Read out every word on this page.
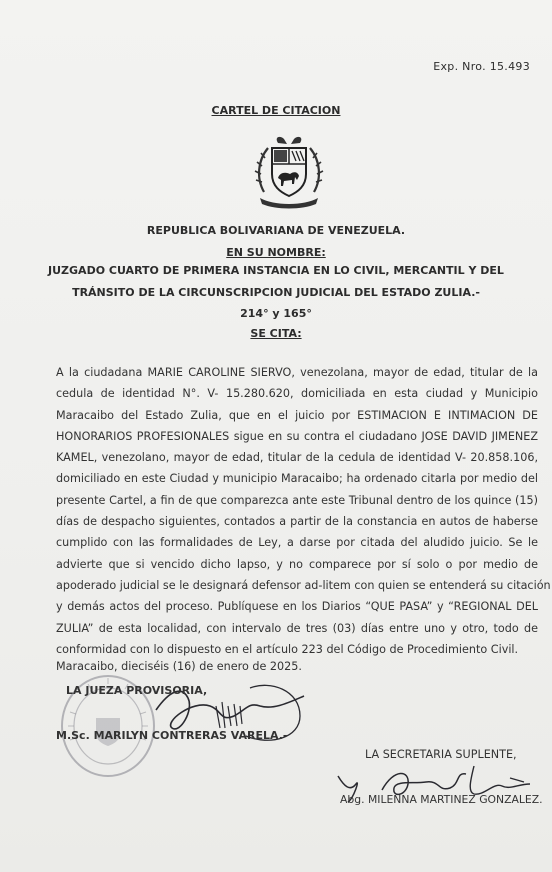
Exp. Nro. 15.493
CARTEL DE CITACION
REPUBLICA BOLIVARIANA DE VENEZUELA.
EN SU NOMBRE:
JUZGADO CUARTO DE PRIMERA INSTANCIA EN LO CIVIL, MERCANTIL Y DEL
TRÁNSITO DE LA CIRCUNSCRIPCION JUDICIAL DEL ESTADO ZULIA.-
214° y 165°
SE CITA:
A la ciudadana MARIE CAROLINE SIERVO, venezolana, mayor de edad, titular de la
cedula de identidad N°. V- 15.280.620, domiciliada en esta ciudad y Municipio
Maracaibo del Estado Zulia, que en el juicio por ESTIMACION E INTIMACION DE
HONORARIOS PROFESIONALES sigue en su contra el ciudadano JOSE DAVID JIMENEZ
KAMEL, venezolano, mayor de edad, titular de la cedula de identidad V- 20.858.106,
domiciliado en este Ciudad y municipio Maracaibo; ha ordenado citarla por medio del
presente Cartel, a fin de que comparezca ante este Tribunal dentro de los quince (15)
días de despacho siguientes, contados a partir de la constancia en autos de haberse
cumplido con las formalidades de Ley, a darse por citada del aludido juicio. Se le
advierte que si vencido dicho lapso, y no comparece por sí solo o por medio de
apoderado judicial se le designará defensor ad-litem con quien se entenderá su citación
y demás actos del proceso. Publíquese en los Diarios “QUE PASA” y “REGIONAL DEL
ZULIA” de esta localidad, con intervalo de tres (03) días entre uno y otro, todo de
conformidad con lo dispuesto en el artículo 223 del Código de Procedimiento Civil.
Maracaibo, dieciséis (16) de enero de 2025.
LA JUEZA PROVISORIA,
M.Sc. MARILYN CONTRERAS VARELA.-
LA SECRETARIA SUPLENTE,
Abg. MILENNA MARTINEZ GONZALEZ.
